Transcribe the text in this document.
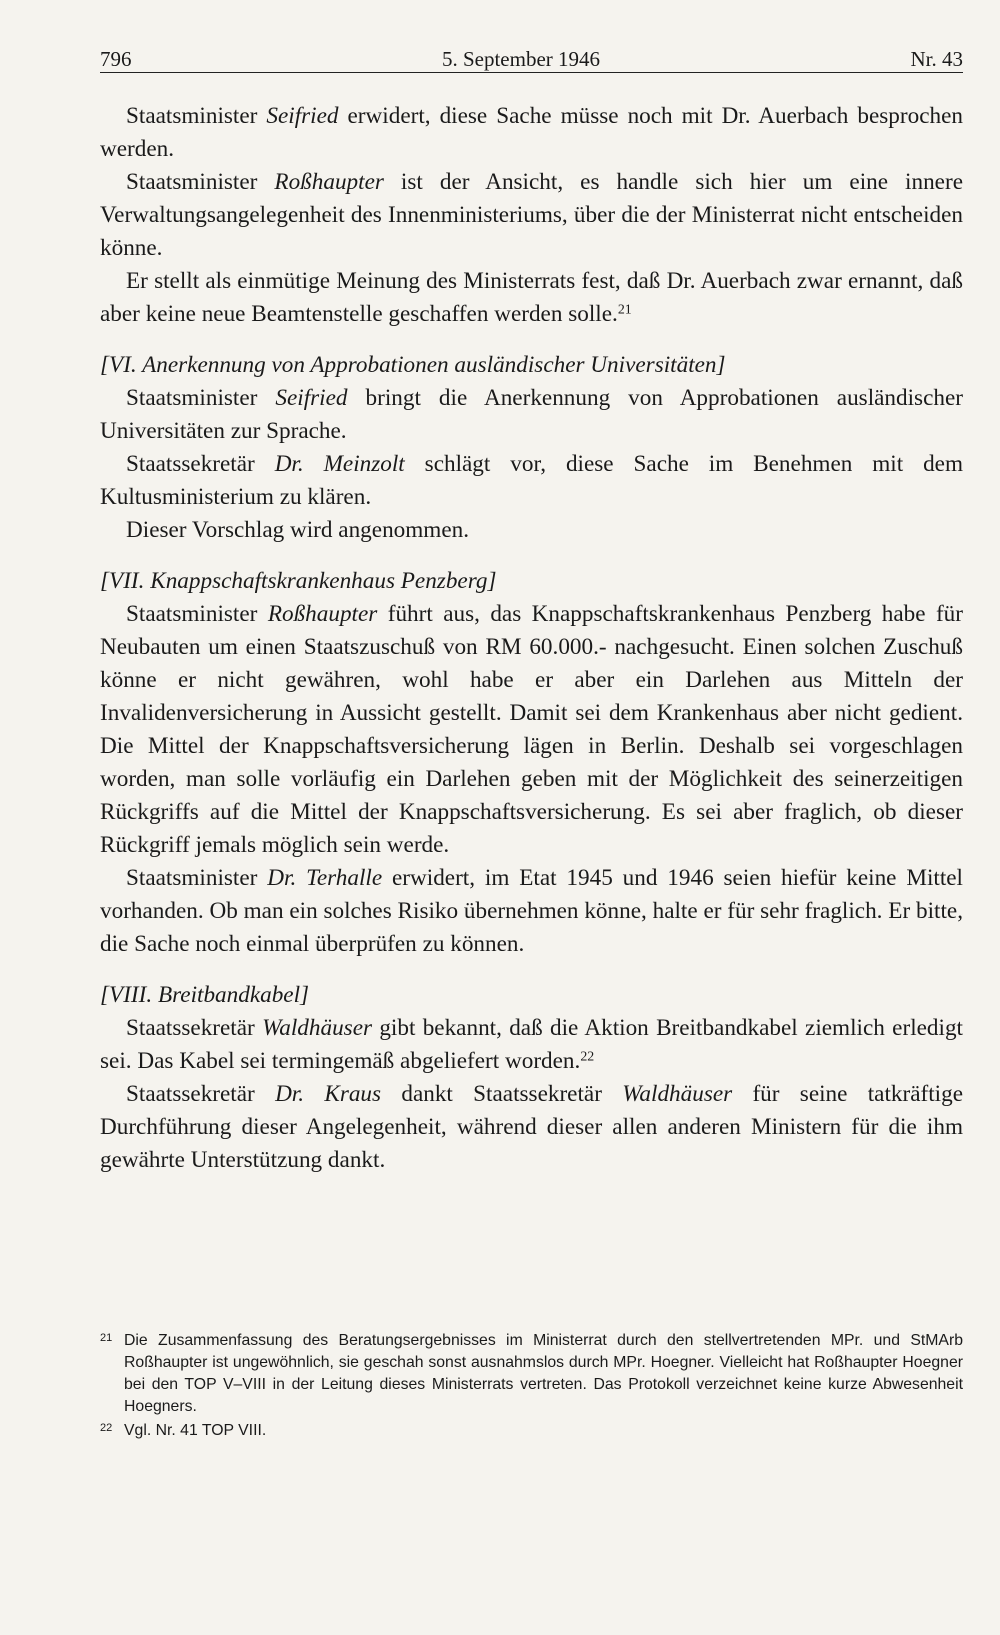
796	5. September 1946	Nr. 43

Staatsminister Seifried erwidert, diese Sache müsse noch mit Dr. Auerbach besprochen werden.

Staatsminister Roßhaupter ist der Ansicht, es handle sich hier um eine innere Verwaltungsangelegenheit des Innenministeriums, über die der Ministerrat nicht entscheiden könne.

Er stellt als einmütige Meinung des Ministerrats fest, daß Dr. Auerbach zwar ernannt, daß aber keine neue Beamtenstelle geschaffen werden solle.$^{21}$

[VI. Anerkennung von Approbationen ausländischer Universitäten]

Staatsminister Seifried bringt die Anerkennung von Approbationen ausländischer Universitäten zur Sprache.

Staatssekretär Dr. Meinzolt schlägt vor, diese Sache im Benehmen mit dem Kultusministerium zu klären.

Dieser Vorschlag wird angenommen.

[VII. Knappschaftskrankenhaus Penzberg]

Staatsminister Roßhaupter führt aus, das Knappschaftskrankenhaus Penzberg habe für Neubauten um einen Staatszuschuß von RM 60.000.- nachgesucht. Einen solchen Zuschuß könne er nicht gewähren, wohl habe er aber ein Darlehen aus Mitteln der Invalidenversicherung in Aussicht gestellt. Damit sei dem Krankenhaus aber nicht gedient. Die Mittel der Knappschaftsversicherung lägen in Berlin. Deshalb sei vorgeschlagen worden, man solle vorläufig ein Darlehen geben mit der Möglichkeit des seinerzeitigen Rückgriffs auf die Mittel der Knappschaftsversicherung. Es sei aber fraglich, ob dieser Rückgriff jemals möglich sein werde.

Staatsminister Dr. Terhalle erwidert, im Etat 1945 und 1946 seien hiefür keine Mittel vorhanden. Ob man ein solches Risiko übernehmen könne, halte er für sehr fraglich. Er bitte, die Sache noch einmal überprüfen zu können.

[VIII. Breitbandkabel]

Staatssekretär Waldhäuser gibt bekannt, daß die Aktion Breitbandkabel ziemlich erledigt sei. Das Kabel sei termingemäß abgeliefert worden.$^{22}$

Staatssekretär Dr. Kraus dankt Staatssekretär Waldhäuser für seine tatkräftige Durchführung dieser Angelegenheit, während dieser allen anderen Ministern für die ihm gewährte Unterstützung dankt.

21 Die Zusammenfassung des Beratungsergebnisses im Ministerrat durch den stellvertretenden MPr. und StMArb Roßhaupter ist ungewöhnlich, sie geschah sonst ausnahmslos durch MPr. Hoegner. Vielleicht hat Roßhaupter Hoegner bei den TOP V–VIII in der Leitung dieses Ministerrats vertreten. Das Protokoll verzeichnet keine kurze Abwesenheit Hoegners.

22 Vgl. Nr. 41 TOP VIII.
